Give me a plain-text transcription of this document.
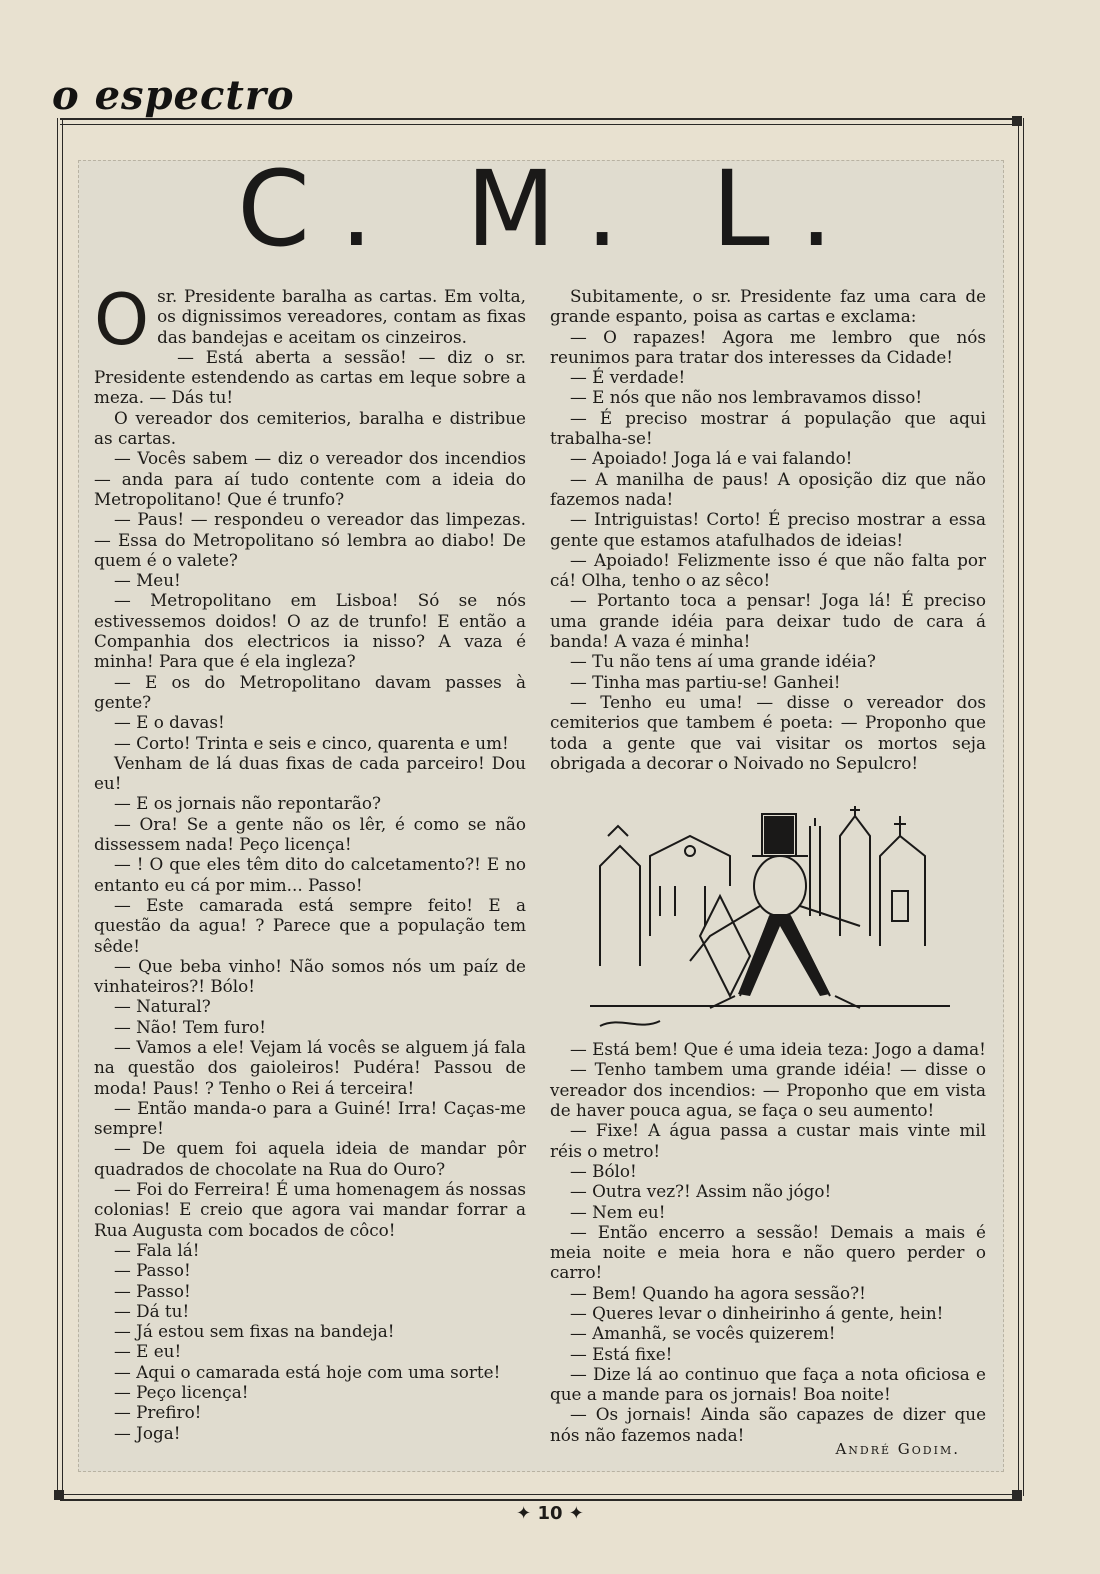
o espectro
C. M. L.
O sr. Presidente baralha as cartas. Em volta, os dignissimos vereadores, contam as fixas das bandejas e aceitam os cinzeiros.

— Está aberta a sessão! — diz o sr. Presidente estendendo as cartas em leque sobre a meza. — Dás tu!

O vereador dos cemiterios, baralha e distribue as cartas.

— Vocês sabem — diz o vereador dos incendios — anda para aí tudo contente com a ideia do Metropolitano! Que é trunfo?

— Paus! — respondeu o vereador das limpezas.— Essa do Metropolitano só lembra ao diabo! De quem é o valete?

— Meu!

— Metropolitano em Lisboa! Só se nós estivessemos doidos! O az de trunfo! E então a Companhia dos electricos ia nisso? A vaza é minha! Para que é ela ingleza?

— E os do Metropolitano davam passes à gente?

— E o davas!

— Corto! Trinta e seis e cinco, quarenta e um!

Venham de lá duas fixas de cada parceiro! Dou eu!

— E os jornais não repontarão?

— Ora! Se a gente não os lêr, é como se não dissessem nada! Peço licença!

— ! O que eles têm dito do calcetamento?! E no entanto eu cá por mim... Passo!

— Este camarada está sempre feito! E a questão da agua! ? Parece que a população tem sêde!

— Que beba vinho! Não somos nós um paíz de vinhateiros?! Bólo!

— Natural?

— Não! Tem furo!

— Vamos a ele! Vejam lá vocês se alguem já fala na questão dos gaioleiros! Pudéra! Passou de moda! Paus! ? Tenho o Rei á terceira!

— Então manda-o para a Guiné! Irra! Caças-me sempre!

— De quem foi aquela ideia de mandar pôr quadrados de chocolate na Rua do Ouro?

— Foi do Ferreira! É uma homenagem ás nossas colonias! E creio que agora vai mandar forrar a Rua Augusta com bocados de côco!

— Fala lá!

— Passo!

— Passo!

— Dá tu!

— Já estou sem fixas na bandeja!

— E eu!

— Aqui o camarada está hoje com uma sorte!

— Peço licença!

— Prefiro!

— Joga!

Subitamente, o sr. Presidente faz uma cara de grande espanto, poisa as cartas e exclama:

— O rapazes! Agora me lembro que nós reunimos para tratar dos interesses da Cidade!

— É verdade!

— E nós que não nos lembravamos disso!

— É preciso mostrar á população que aqui trabalha-se!

— Apoiado! Joga lá e vai falando!

— A manilha de paus! A oposição diz que não fazemos nada!

— Intriguistas! Corto! É preciso mostrar a essa gente que estamos atafulhados de ideias!

— Apoiado! Felizmente isso é que não falta por cá! Olha, tenho o az sêco!

— Portanto toca a pensar! Joga lá! É preciso uma grande idéia para deixar tudo de cara á banda! A vaza é minha!

— Tu não tens aí uma grande idéia?

— Tinha mas partiu-se! Ganhei!

— Tenho eu uma! — disse o vereador dos cemiterios que tambem é poeta: — Proponho que toda a gente que vai visitar os mortos seja obrigada a decorar o Noivado no Sepulcro!

— Está bem! Que é uma ideia teza: Jogo a dama!

— Tenho tambem uma grande idéia! — disse o vereador dos incendios: — Proponho que em vista de haver pouca agua, se faça o seu aumento!

— Fixe! A água passa a custar mais vinte mil réis o metro!

— Bólo!

— Outra vez?! Assim não jógo!

— Nem eu!

— Então encerro a sessão! Demais a mais é meia noite e meia hora e não quero perder o carro!

— Bem! Quando ha agora sessão?!

— Queres levar o dinheirinho á gente, hein!

— Amanhã, se vocês quizerem!

— Está fixe!

— Dize lá ao continuo que faça a nota oficiosa e que a mande para os jornais! Boa noite!

— Os jornais! Ainda são capazes de dizer que nós não fazemos nada!

André Godim.
✦ 10 ✦
